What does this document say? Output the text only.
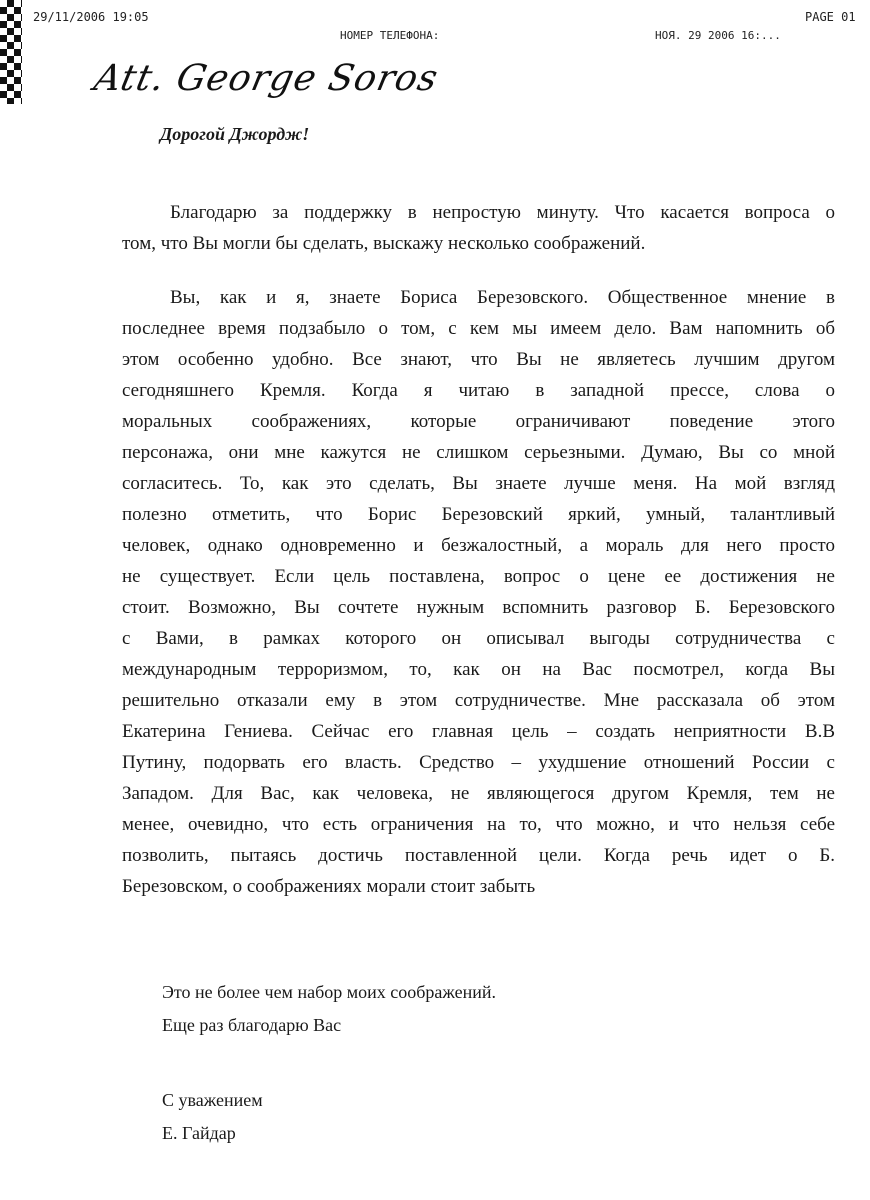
29/11/2006 19:05
НОМЕР ТЕЛЕФОНА:
PAGE 01
НОЯ. 29 2006 16:...
Att. George Soros
Дорогой Джордж!
Благодарю за поддержку в непростую минуту. Что касается вопроса о
том, что Вы могли бы сделать, выскажу несколько соображений.
Вы, как и я, знаете Бориса Березовского. Общественное мнение в
последнее время подзабыло о том, с кем мы имеем дело. Вам напомнить об
этом особенно удобно. Все знают, что Вы не являетесь лучшим другом
сегодняшнего Кремля. Когда я читаю в западной прессе, слова о
моральных соображениях, которые ограничивают поведение этого
персонажа, они мне кажутся не слишком серьезными. Думаю, Вы со мной
согласитесь. То, как это сделать, Вы знаете лучше меня. На мой взгляд
полезно отметить, что Борис Березовский яркий, умный, талантливый
человек, однако одновременно и безжалостный, а мораль для него просто
не существует. Если цель поставлена, вопрос о цене ее достижения не
стоит. Возможно, Вы сочтете нужным вспомнить разговор Б. Березовского
с Вами, в рамках которого он описывал выгоды сотрудничества с
международным терроризмом, то, как он на Вас посмотрел, когда Вы
решительно отказали ему в этом сотрудничестве. Мне рассказала об этом
Екатерина Гениева. Сейчас его главная цель – создать неприятности В.В
Путину, подорвать его власть. Средство – ухудшение отношений России с
Западом. Для Вас, как человека, не являющегося другом Кремля, тем не
менее, очевидно, что есть ограничения на то, что можно, и что нельзя себе
позволить, пытаясь достичь поставленной цели. Когда речь идет о Б.
Березовском, о соображениях морали стоит забыть
Это не более чем набор моих соображений.
Еще раз благодарю Вас
С уважением
Е. Гайдар
